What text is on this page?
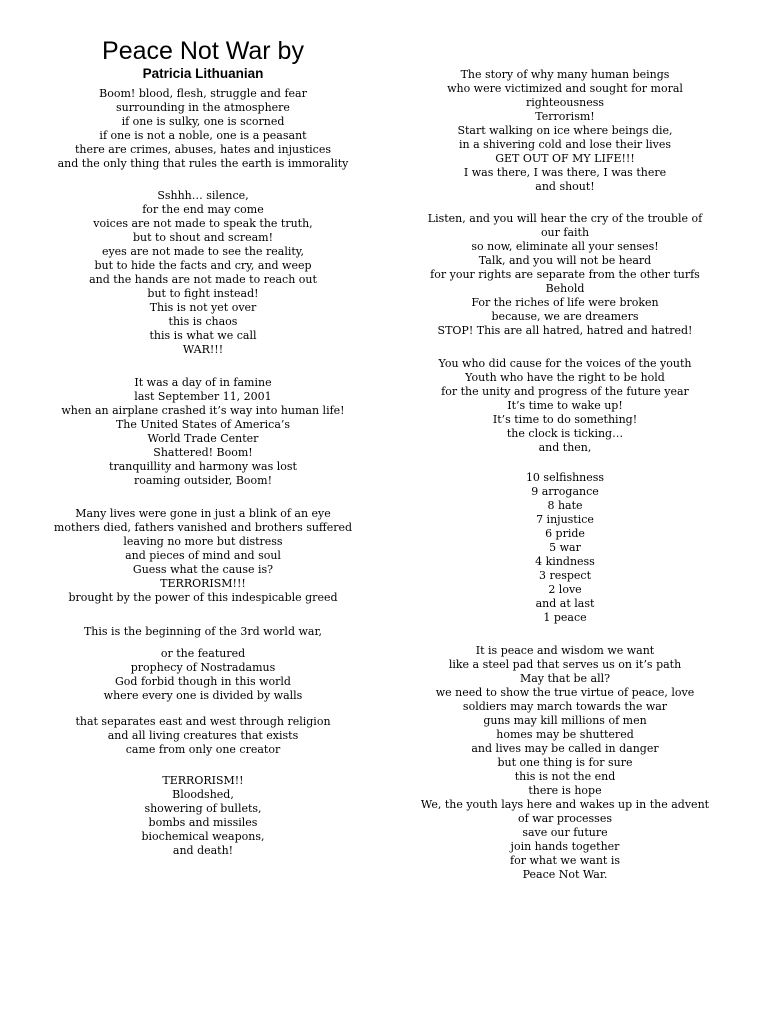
Peace Not War by
Patricia Lithuanian
Boom! blood, flesh, struggle and fear
surrounding in the atmosphere
if one is sulky, one is scorned
if one is not a noble, one is a peasant
there are crimes, abuses, hates and injustices
and the only thing that rules the earth is immorality
Sshhh… silence,
for the end may come
voices are not made to speak the truth,
but to shout and scream!
eyes are not made to see the reality,
but to hide the facts and cry, and weep
and the hands are not made to reach out
but to fight instead!
This is not yet over
this is chaos
this is what we call
WAR!!!
It was a day of in famine
last September 11, 2001
when an airplane crashed it’s way into human life!
The United States of America’s
World Trade Center
Shattered! Boom!
tranquillity and harmony was lost
roaming outsider, Boom!
Many lives were gone in just a blink of an eye
mothers died, fathers vanished and brothers suffered
leaving no more but distress
and pieces of mind and soul
Guess what the cause is?
TERRORISM!!!
brought by the power of this indespicable greed
This is the beginning of the 3rd world war,
or the featured
prophecy of Nostradamus
God forbid though in this world
where every one is divided by walls
that separates east and west through religion
and all living creatures that exists
came from only one creator
TERRORISM!!
Bloodshed,
showering of bullets,
bombs and missiles
biochemical weapons,
and death!
The story of why many human beings
who were victimized and sought for moral
righteousness
Terrorism!
Start walking on ice where beings die,
in a shivering cold and lose their lives
GET OUT OF MY LIFE!!!
I was there, I was there, I was there
and shout!
Listen, and you will hear the cry of the trouble of
our faith
so now, eliminate all your senses!
Talk, and you will not be heard
for your rights are separate from the other turfs
Behold
For the riches of life were broken
because, we are dreamers
STOP! This are all hatred, hatred and hatred!
You who did cause for the voices of the youth
Youth who have the right to be hold
for the unity and progress of the future year
It’s time to wake up!
It’s time to do something!
the clock is ticking…
and then,
10 selfishness
9 arrogance
8 hate
7 injustice
6 pride
5 war
4 kindness
3 respect
2 love
and at last
1 peace
It is peace and wisdom we want
like a steel pad that serves us on it’s path
May that be all?
we need to show the true virtue of peace, love
soldiers may march towards the war
guns may kill millions of men
homes may be shuttered
and lives may be called in danger
but one thing is for sure
this is not the end
there is hope
We, the youth lays here and wakes up in the advent
of war processes
save our future
join hands together
for what we want is
Peace Not War.
